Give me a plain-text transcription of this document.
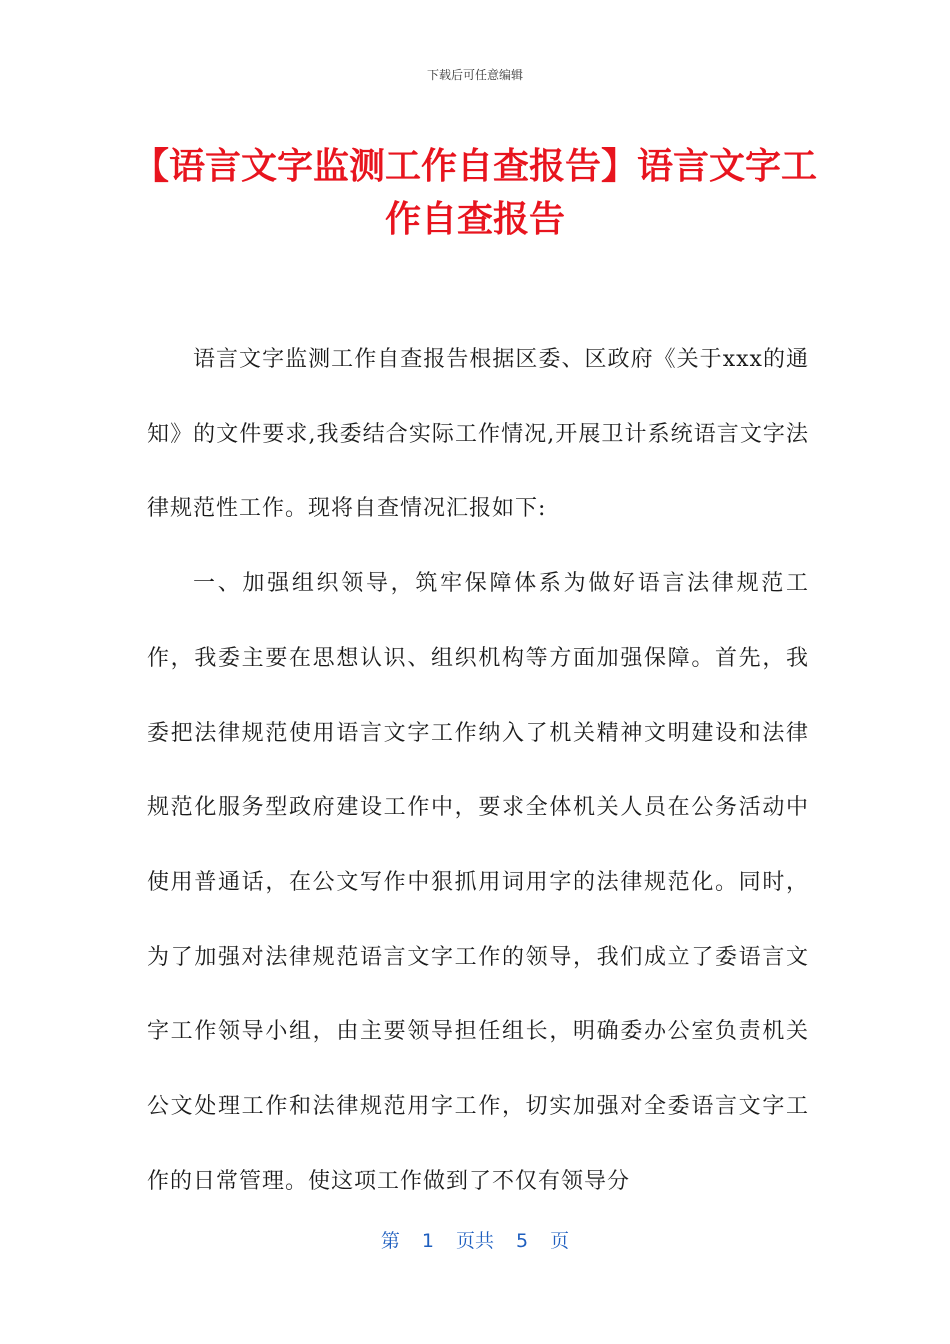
下载后可任意编辑
【语言文字监测工作自查报告】语言文字工作自查报告

语言文字监测工作自查报告根据区委、区政府《关于xxx的通知》的文件要求,我委结合实际工作情况,开展卫计系统语言文字法律规范性工作。现将自查情况汇报如下:

一、加强组织领导，筑牢保障体系为做好语言法律规范工作，我委主要在思想认识、组织机构等方面加强保障。首先，我委把法律规范使用语言文字工作纳入了机关精神文明建设和法律规范化服务型政府建设工作中，要求全体机关人员在公务活动中使用普通话，在公文写作中狠抓用词用字的法律规范化。同时，为了加强对法律规范语言文字工作的领导，我们成立了委语言文字工作领导小组，由主要领导担任组长，明确委办公室负责机关公文处理工作和法律规范用字工作，切实加强对全委语言文字工作的日常管理。使这项工作做到了不仅有领导分

第 1 页共 5 页
